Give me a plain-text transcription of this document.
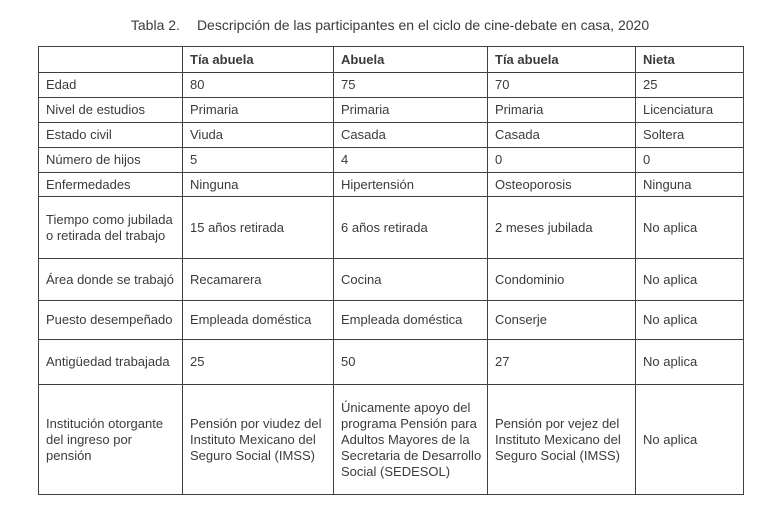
Tabla 2. Descripción de las participantes en el ciclo de cine-debate en casa, 2020
	Tía abuela	Abuela	Tía abuela	Nieta
Edad	80	75	70	25
Nivel de estudios	Primaria	Primaria	Primaria	Licenciatura
Estado civil	Viuda	Casada	Casada	Soltera
Número de hijos	5	4	0	0
Enfermedades	Ninguna	Hipertensión	Osteoporosis	Ninguna
Tiempo como jubilada o retirada del trabajo	15 años retirada	6 años retirada	2 meses jubilada	No aplica
Área donde se trabajó	Recamarera	Cocina	Condominio	No aplica
Puesto desempeñado	Empleada doméstica	Empleada doméstica	Conserje	No aplica
Antigüedad trabajada	25	50	27	No aplica
Institución otorgante del ingreso por pensión	Pensión por viudez del Instituto Mexicano del Seguro Social (IMSS)	Únicamente apoyo del programa Pensión para Adultos Mayores de la Secretaria de Desarrollo Social (SEDESOL)	Pensión por vejez del Instituto Mexicano del Seguro Social (IMSS)	No aplica
